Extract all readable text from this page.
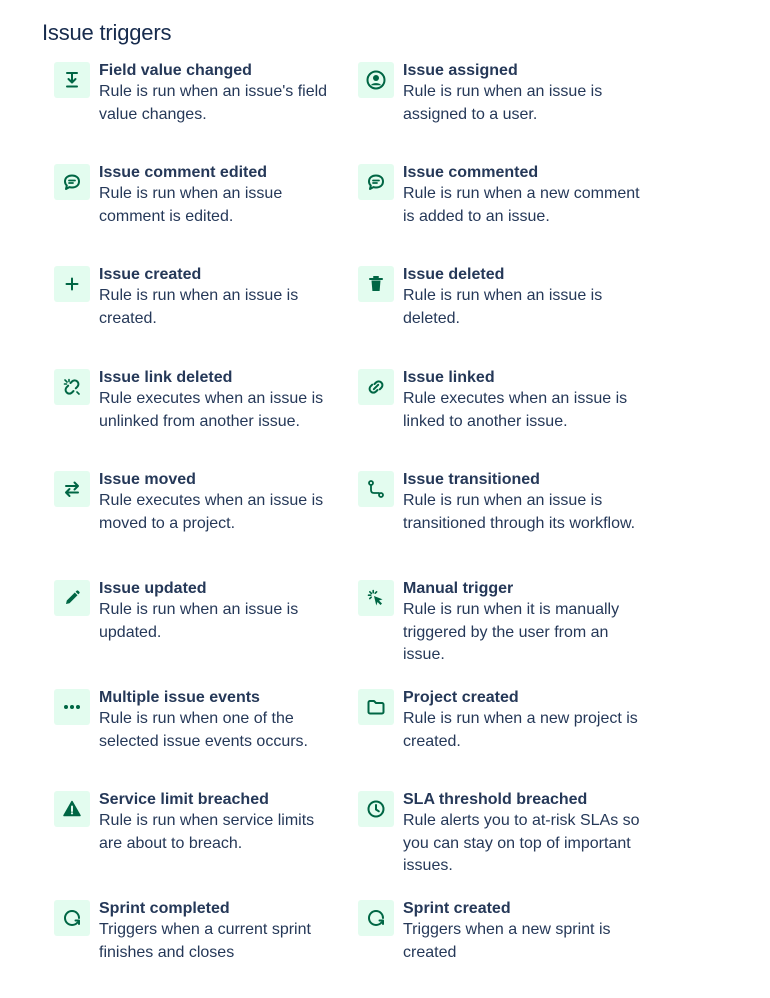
Issue triggers
Field value changed
Rule is run when an issue's field value changes.
Issue assigned
Rule is run when an issue is assigned to a user.
Issue comment edited
Rule is run when an issue comment is edited.
Issue commented
Rule is run when a new comment is added to an issue.
Issue created
Rule is run when an issue is created.
Issue deleted
Rule is run when an issue is deleted.
Issue link deleted
Rule executes when an issue is unlinked from another issue.
Issue linked
Rule executes when an issue is linked to another issue.
Issue moved
Rule executes when an issue is moved to a project.
Issue transitioned
Rule is run when an issue is transitioned through its workflow.
Issue updated
Rule is run when an issue is updated.
Manual trigger
Rule is run when it is manually triggered by the user from an issue.
Multiple issue events
Rule is run when one of the selected issue events occurs.
Project created
Rule is run when a new project is created.
Service limit breached
Rule is run when service limits are about to breach.
SLA threshold breached
Rule alerts you to at-risk SLAs so you can stay on top of important issues.
Sprint completed
Triggers when a current sprint finishes and closes
Sprint created
Triggers when a new sprint is created
